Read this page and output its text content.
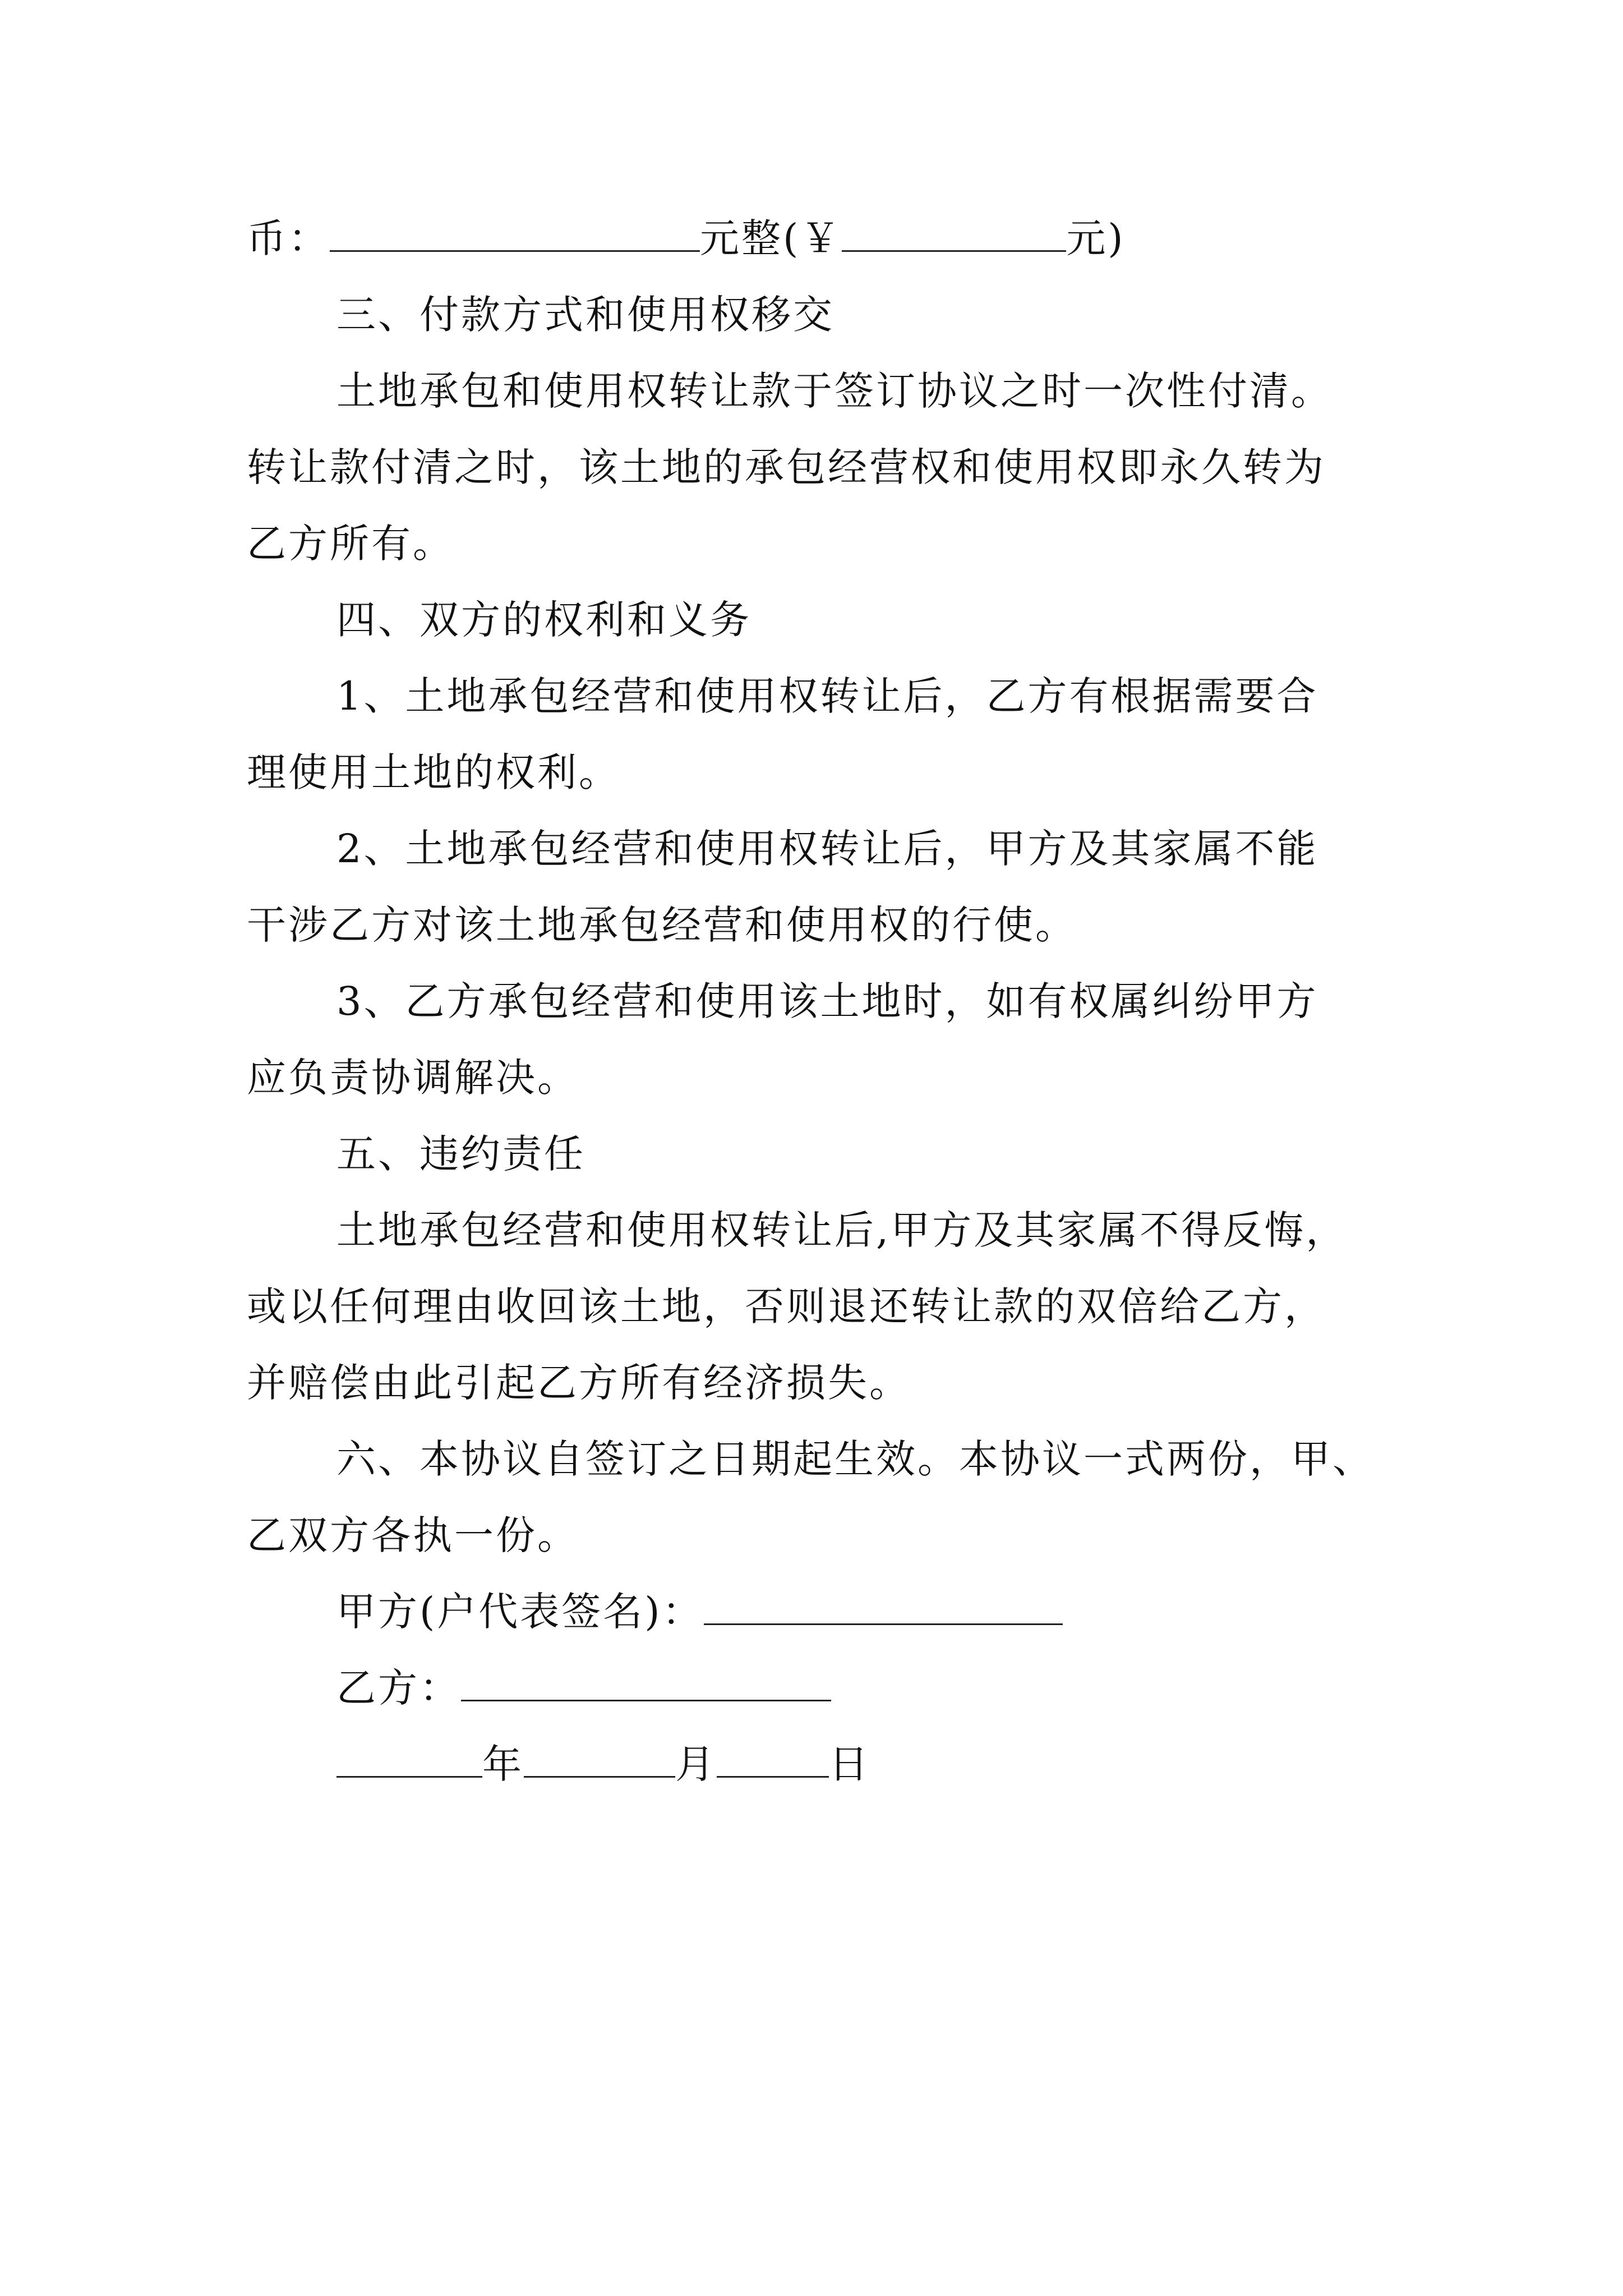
币：	元整(￥	元)
三、付款方式和使用权移交
土地承包和使用权转让款于签订协议之时一次性付清。
转让款付清之时，该土地的承包经营权和使用权即永久转为
乙方所有。
四、双方的权利和义务
1、土地承包经营和使用权转让后，乙方有根据需要合
理使用土地的权利。
2、土地承包经营和使用权转让后，甲方及其家属不能
干涉乙方对该土地承包经营和使用权的行使。
3、乙方承包经营和使用该土地时，如有权属纠纷甲方
应负责协调解决。
五、违约责任
土地承包经营和使用权转让后,甲方及其家属不得反悔，
或以任何理由收回该土地，否则退还转让款的双倍给乙方，
并赔偿由此引起乙方所有经济损失。
六、本协议自签订之日期起生效。本协议一式两份，甲、
乙双方各执一份。
甲方(户代表签名)：
乙方：
年	月	日
